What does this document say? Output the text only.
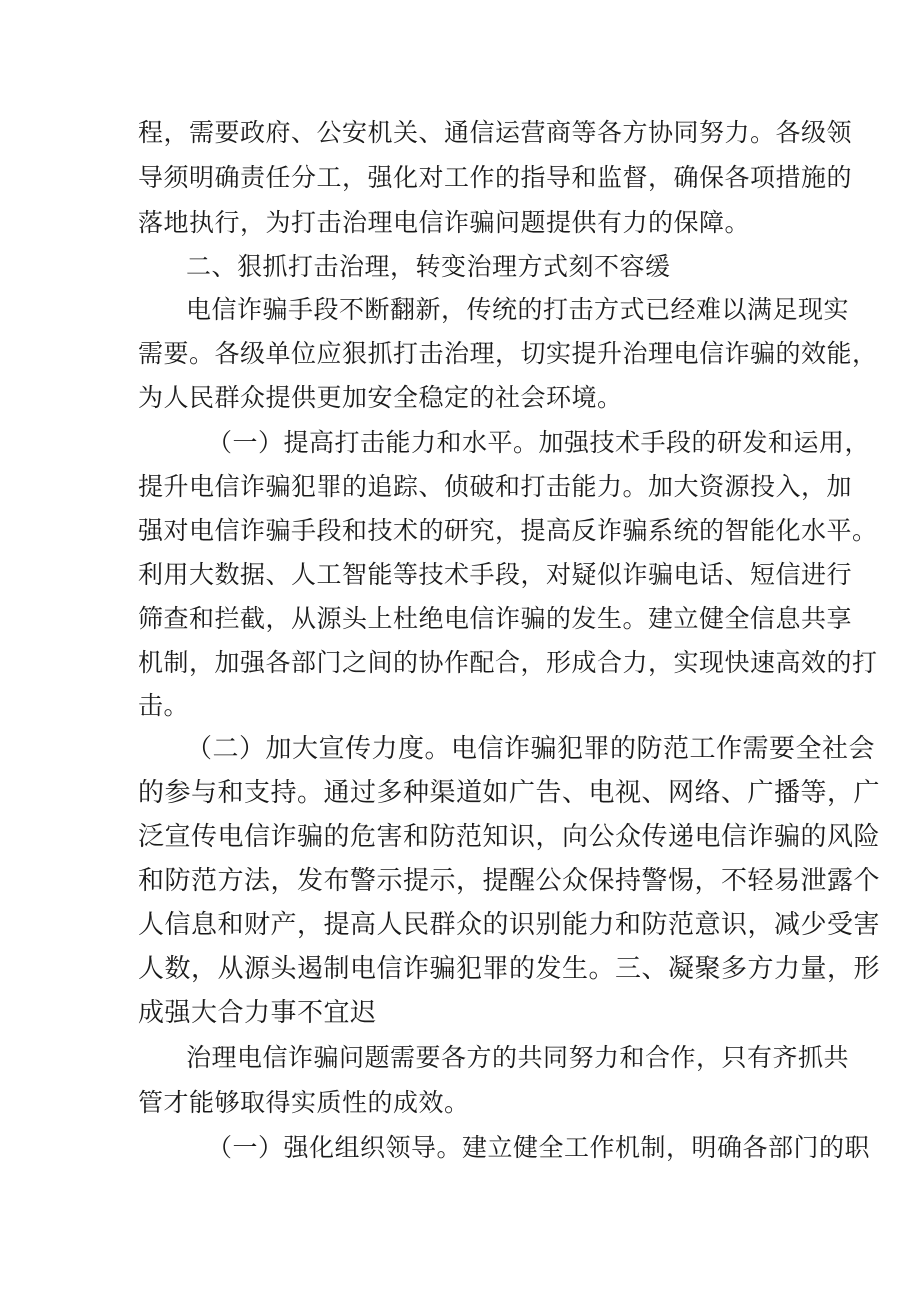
程，需要政府、公安机关、通信运营商等各方协同努力。各级领
导须明确责任分工，强化对工作的指导和监督，确保各项措施的
落地执行，为打击治理电信诈骗问题提供有力的保障。
二、狠抓打击治理，转变治理方式刻不容缓
电信诈骗手段不断翻新，传统的打击方式已经难以满足现实
需要。各级单位应狠抓打击治理，切实提升治理电信诈骗的效能，
为人民群众提供更加安全稳定的社会环境。
（一）提高打击能力和水平。加强技术手段的研发和运用，
提升电信诈骗犯罪的追踪、侦破和打击能力。加大资源投入，加
强对电信诈骗手段和技术的研究，提高反诈骗系统的智能化水平。
利用大数据、人工智能等技术手段，对疑似诈骗电话、短信进行
筛查和拦截，从源头上杜绝电信诈骗的发生。建立健全信息共享
机制，加强各部门之间的协作配合，形成合力，实现快速高效的打
击。
（二）加大宣传力度。电信诈骗犯罪的防范工作需要全社会
的参与和支持。通过多种渠道如广告、电视、网络、广播等，广
泛宣传电信诈骗的危害和防范知识，向公众传递电信诈骗的风险
和防范方法，发布警示提示，提醒公众保持警惕，不轻易泄露个
人信息和财产，提高人民群众的识别能力和防范意识，减少受害
人数，从源头遏制电信诈骗犯罪的发生。三、凝聚多方力量，形
成强大合力事不宜迟
治理电信诈骗问题需要各方的共同努力和合作，只有齐抓共
管才能够取得实质性的成效。
（一）强化组织领导。建立健全工作机制，明确各部门的职
